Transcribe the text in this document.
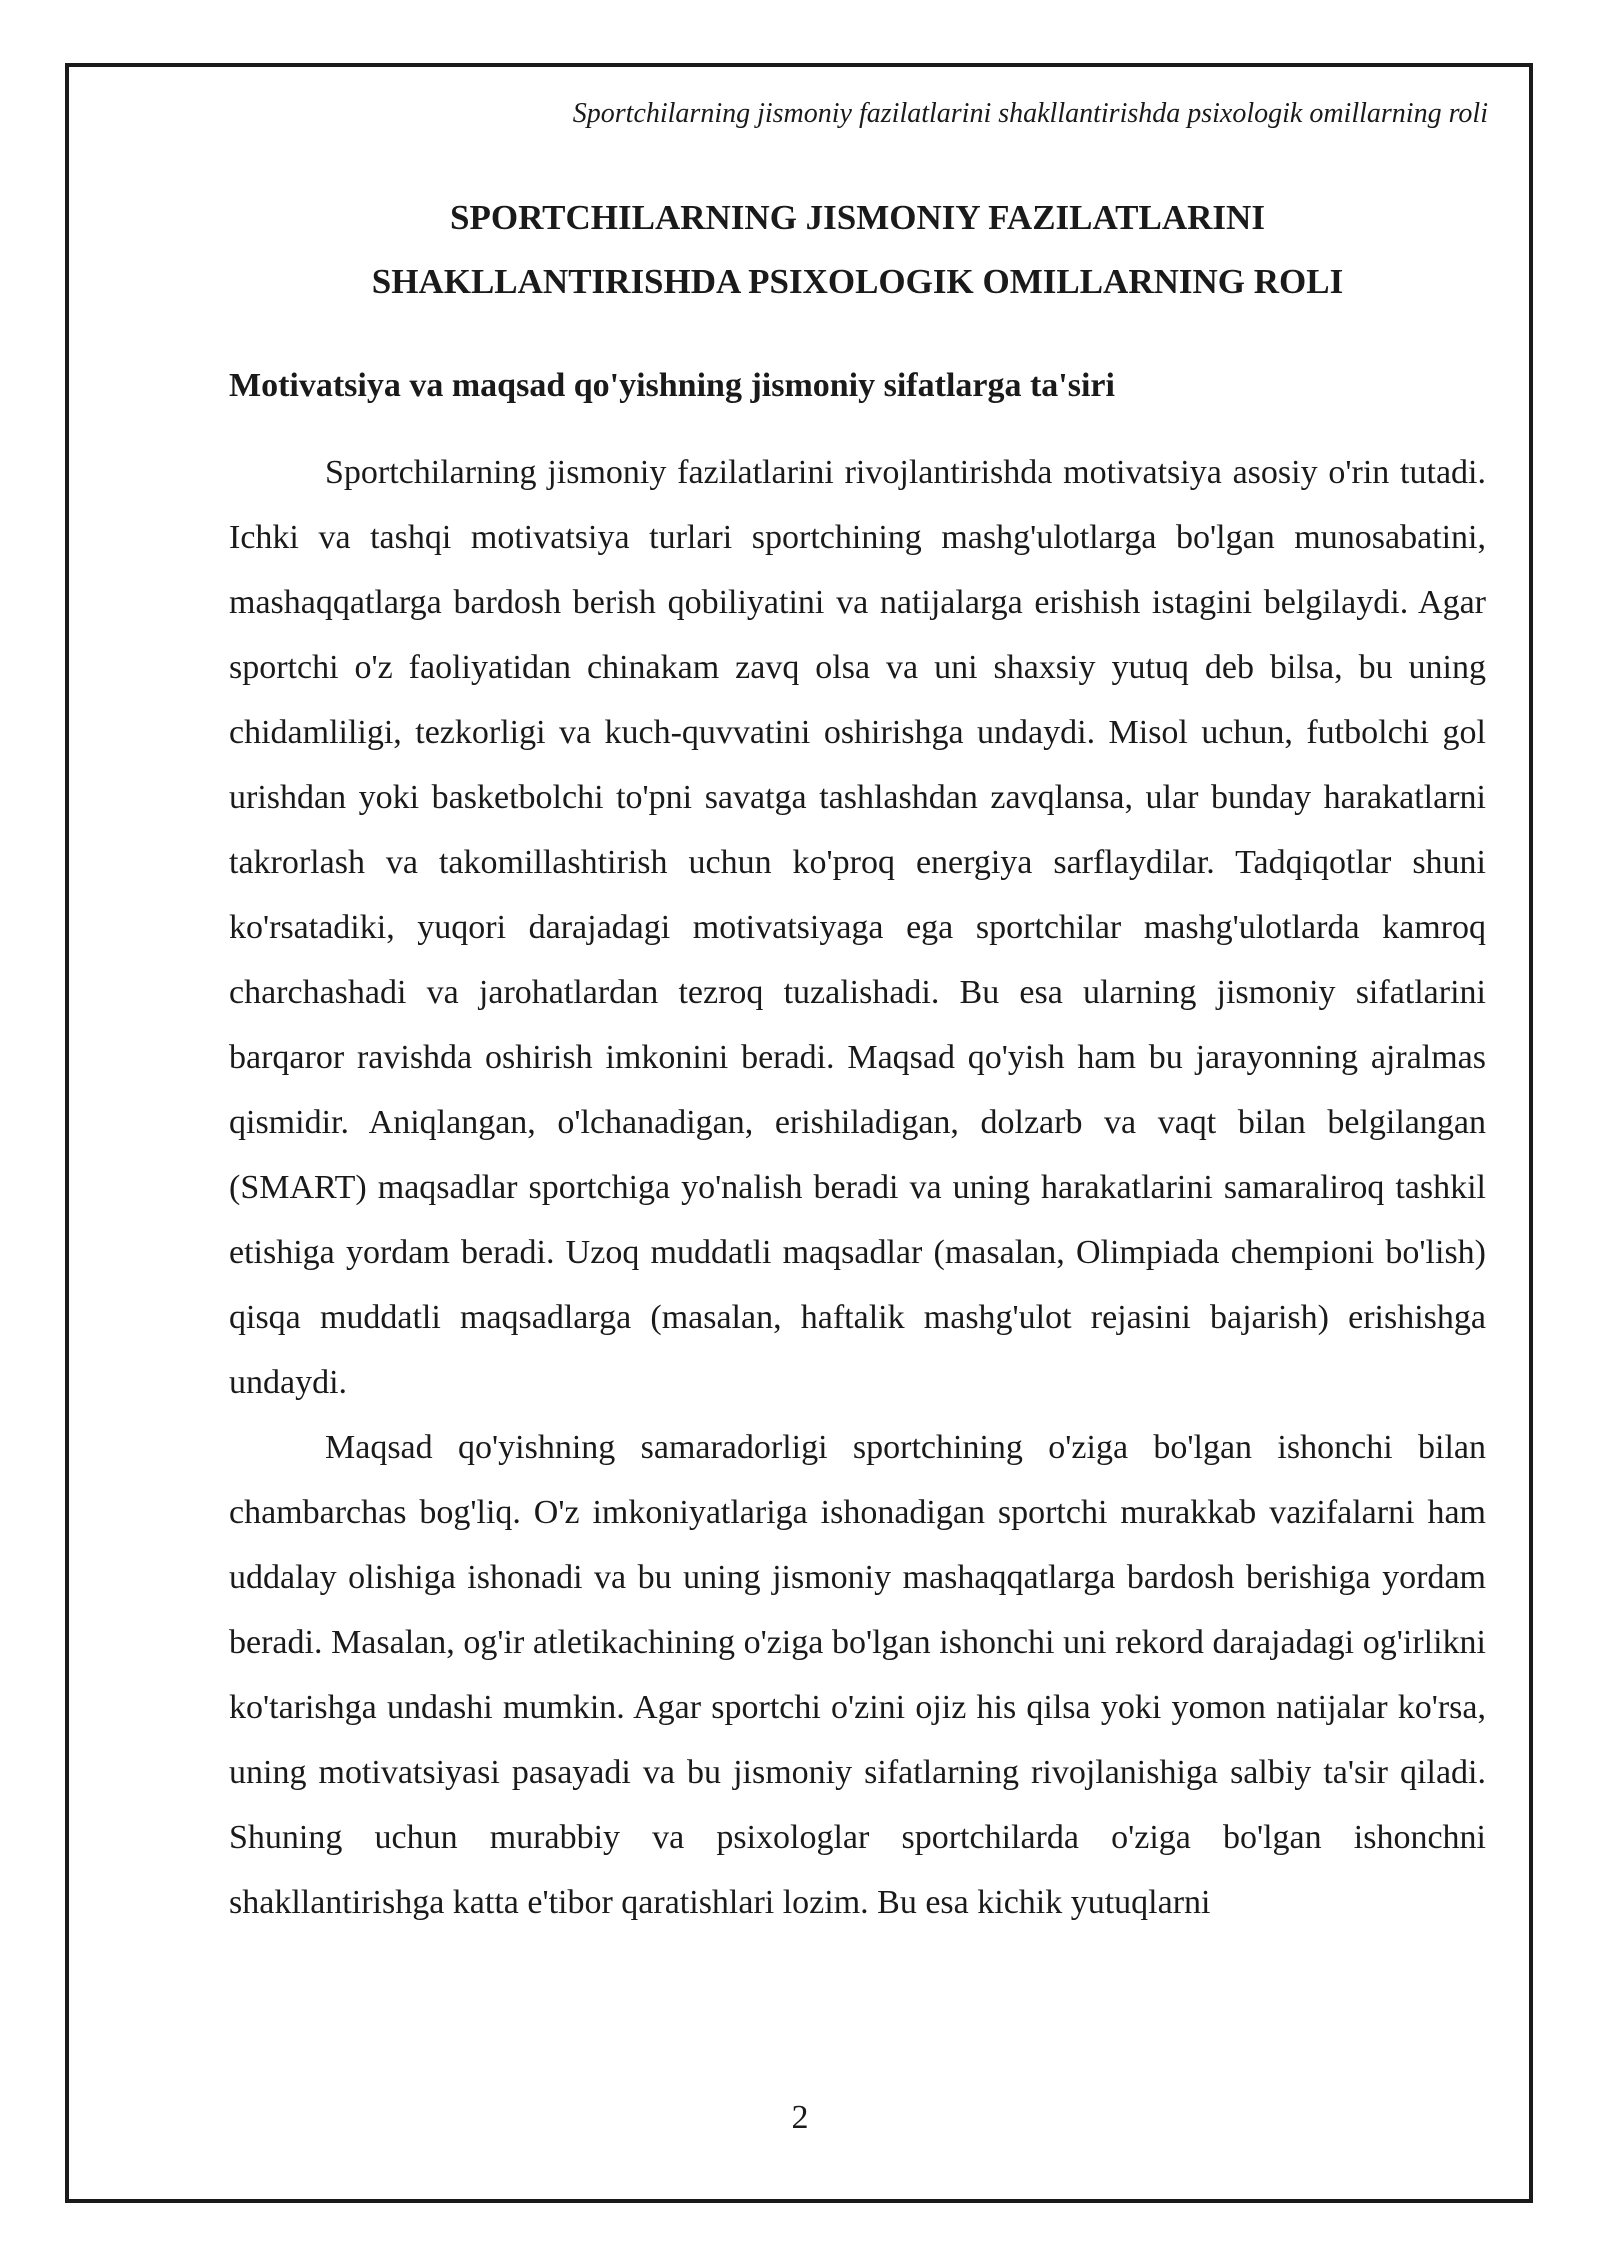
Sportchilarning jismoniy fazilatlarini shakllantirishda psixologik omillarning roli
SPORTCHILARNING JISMONIY FAZILATLARINI
SHAKLLANTIRISHDA PSIXOLOGIK OMILLARNING ROLI
Motivatsiya va maqsad qo'yishning jismoniy sifatlarga ta'siri

Sportchilarning jismoniy fazilatlarini rivojlantirishda motivatsiya asosiy o'rin tutadi. Ichki va tashqi motivatsiya turlari sportchining mashg'ulotlarga bo'lgan munosabatini, mashaqqatlarga bardosh berish qobiliyatini va natijalarga erishish istagini belgilaydi. Agar sportchi o'z faoliyatidan chinakam zavq olsa va uni shaxsiy yutuq deb bilsa, bu uning chidamliligi, tezkorligi va kuch-quvvatini oshirishga undaydi. Misol uchun, futbolchi gol urishdan yoki basketbolchi to'pni savatga tashlashdan zavqlansa, ular bunday harakatlarni takrorlash va takomillashtirish uchun ko'proq energiya sarflaydilar. Tadqiqotlar shuni ko'rsatadiki, yuqori darajadagi motivatsiyaga ega sportchilar mashg'ulotlarda kamroq charchashadi va jarohatlardan tezroq tuzalishadi. Bu esa ularning jismoniy sifatlarini barqaror ravishda oshirish imkonini beradi. Maqsad qo'yish ham bu jarayonning ajralmas qismidir. Aniqlangan, o'lchanadigan, erishiladigan, dolzarb va vaqt bilan belgilangan (SMART) maqsadlar sportchiga yo'nalish beradi va uning harakatlarini samaraliroq tashkil etishiga yordam beradi. Uzoq muddatli maqsadlar (masalan, Olimpiada chempioni bo'lish) qisqa muddatli maqsadlarga (masalan, haftalik mashg'ulot rejasini bajarish) erishishga undaydi.

Maqsad qo'yishning samaradorligi sportchining o'ziga bo'lgan ishonchi bilan chambarchas bog'liq. O'z imkoniyatlariga ishonadigan sportchi murakkab vazifalarni ham uddalay olishiga ishonadi va bu uning jismoniy mashaqqatlarga bardosh berishiga yordam beradi. Masalan, og'ir atletikachining o'ziga bo'lgan ishonchi uni rekord darajadagi og'irlikni ko'tarishga undashi mumkin. Agar sportchi o'zini ojiz his qilsa yoki yomon natijalar ko'rsa, uning motivatsiyasi pasayadi va bu jismoniy sifatlarning rivojlanishiga salbiy ta'sir qiladi. Shuning uchun murabbiy va psixologlar sportchilarda o'ziga bo'lgan ishonchni shakllantirishga katta e'tibor qaratishlari lozim. Bu esa kichik yutuqlarni

2
